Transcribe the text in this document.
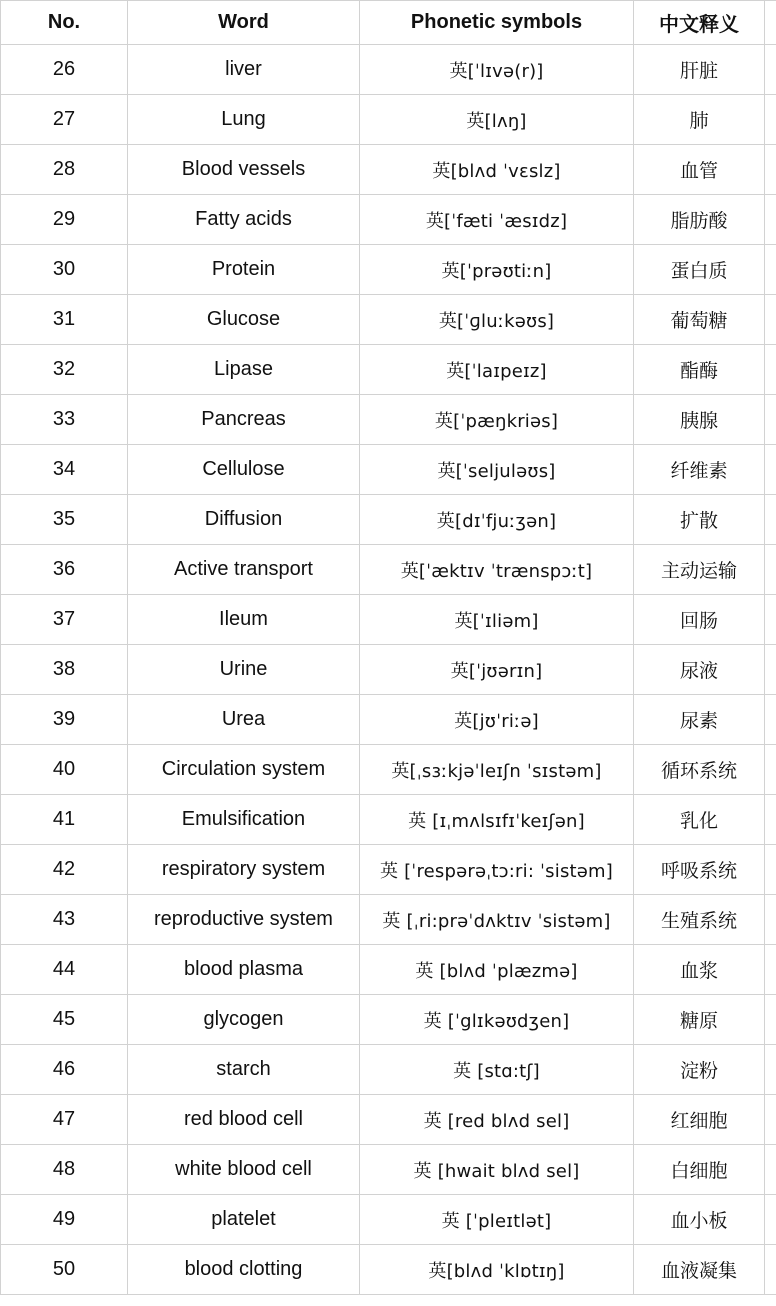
No.	Word	Phonetic symbols	中文释义	
26	liver	英[ˈlɪvə(r)]	肝脏	
27	Lung	英[lʌŋ]	肺	
28	Blood vessels	英[blʌd ˈvɛslz]	血管	
29	Fatty acids	英[ˈfæti ˈæsɪdz]	脂肪酸	
30	Protein	英[ˈprəʊtiːn]	蛋白质	
31	Glucose	英[ˈɡluːkəʊs]	葡萄糖	
32	Lipase	英[ˈlaɪpeɪz]	酯酶	
33	Pancreas	英[ˈpæŋkriəs]	胰腺	
34	Cellulose	英[ˈseljuləʊs]	纤维素	
35	Diffusion	英[dɪˈfjuːʒən]	扩散	
36	Active transport	英[ˈæktɪv ˈtrænspɔːt]	主动运输	
37	Ileum	英[ˈɪliəm]	回肠	
38	Urine	英[ˈjʊərɪn]	尿液	
39	Urea	英[jʊˈriːə]	尿素	
40	Circulation system	英[ˌsɜːkjəˈleɪʃn ˈsɪstəm]	循环系统	
41	Emulsification	英 [ɪˌmʌlsɪfɪˈkeɪʃən]	乳化	
42	respiratory system	英 [ˈrespərəˌtɔ:ri: ˈsistəm]	呼吸系统	
43	reproductive system	英 [ˌri:prəˈdʌktɪv ˈsistəm]	生殖系统	
44	blood plasma	英 [blʌd ˈplæzmə]	血浆	
45	glycogen	英 [ˈglɪkəʊdʒen]	糖原	
46	starch	英 [stɑ:tʃ]	淀粉	
47	red blood cell	英 [red blʌd sel]	红细胞	
48	white blood cell	英 [hwait blʌd sel]	白细胞	
49	platelet	英 [ˈpleɪtlət]	血小板	
50	blood clotting	英[blʌd ˈklɒtɪŋ]	血液凝集	
